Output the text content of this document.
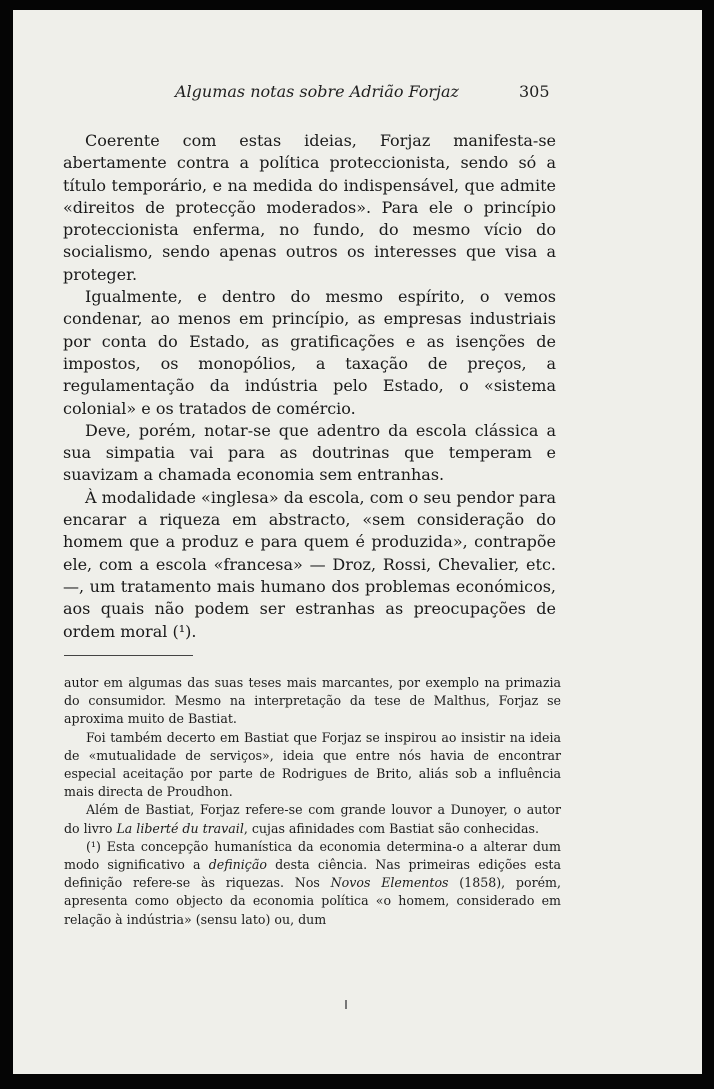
Algumas notas sobre Adrião Forjaz	305

Coerente com estas ideias, Forjaz manifesta-se abertamente contra a política proteccionista, sendo só a título temporário, e na medida do indispensável, que admite «direitos de protecção moderados». Para ele o princípio proteccionista enferma, no fundo, do mesmo vício do socialismo, sendo apenas outros os interesses que visa a proteger.

Igualmente, e dentro do mesmo espírito, o vemos condenar, ao menos em princípio, as empresas industriais por conta do Estado, as gratificações e as isenções de impostos, os monopólios, a taxação de preços, a regulamentação da indústria pelo Estado, o «sistema colonial» e os tratados de comércio.

Deve, porém, notar-se que adentro da escola clássica a sua simpatia vai para as doutrinas que temperam e suavizam a chamada economia sem entranhas.

À modalidade «inglesa» da escola, com o seu pendor para encarar a riqueza em abstracto, «sem consideração do homem que a produz e para quem é produzida», contrapõe ele, com a escola «francesa» — Droz, Rossi, Chevalier, etc. —, um tratamento mais humano dos problemas económicos, aos quais não podem ser estranhas as preocupações de ordem moral (¹).

autor em algumas das suas teses mais marcantes, por exemplo na primazia do consumidor. Mesmo na interpretação da tese de Malthus, Forjaz se aproxima muito de Bastiat.

Foi também decerto em Bastiat que Forjaz se inspirou ao insistir na ideia de «mutualidade de serviços», ideia que entre nós havia de encontrar especial aceitação por parte de Rodrigues de Brito, aliás sob a influência mais directa de Proudhon.

Além de Bastiat, Forjaz refere-se com grande louvor a Dunoyer, o autor do livro La liberté du travail, cujas afinidades com Bastiat são conhecidas.

(¹) Esta concepção humanística da economia determina-o a alterar dum modo significativo a definição desta ciência. Nas primeiras edições esta definição refere-se às riquezas. Nos Novos Elementos (1858), porém, apresenta como objecto da economia política «o homem, considerado em relação à indústria» (sensu lato) ou, dum
